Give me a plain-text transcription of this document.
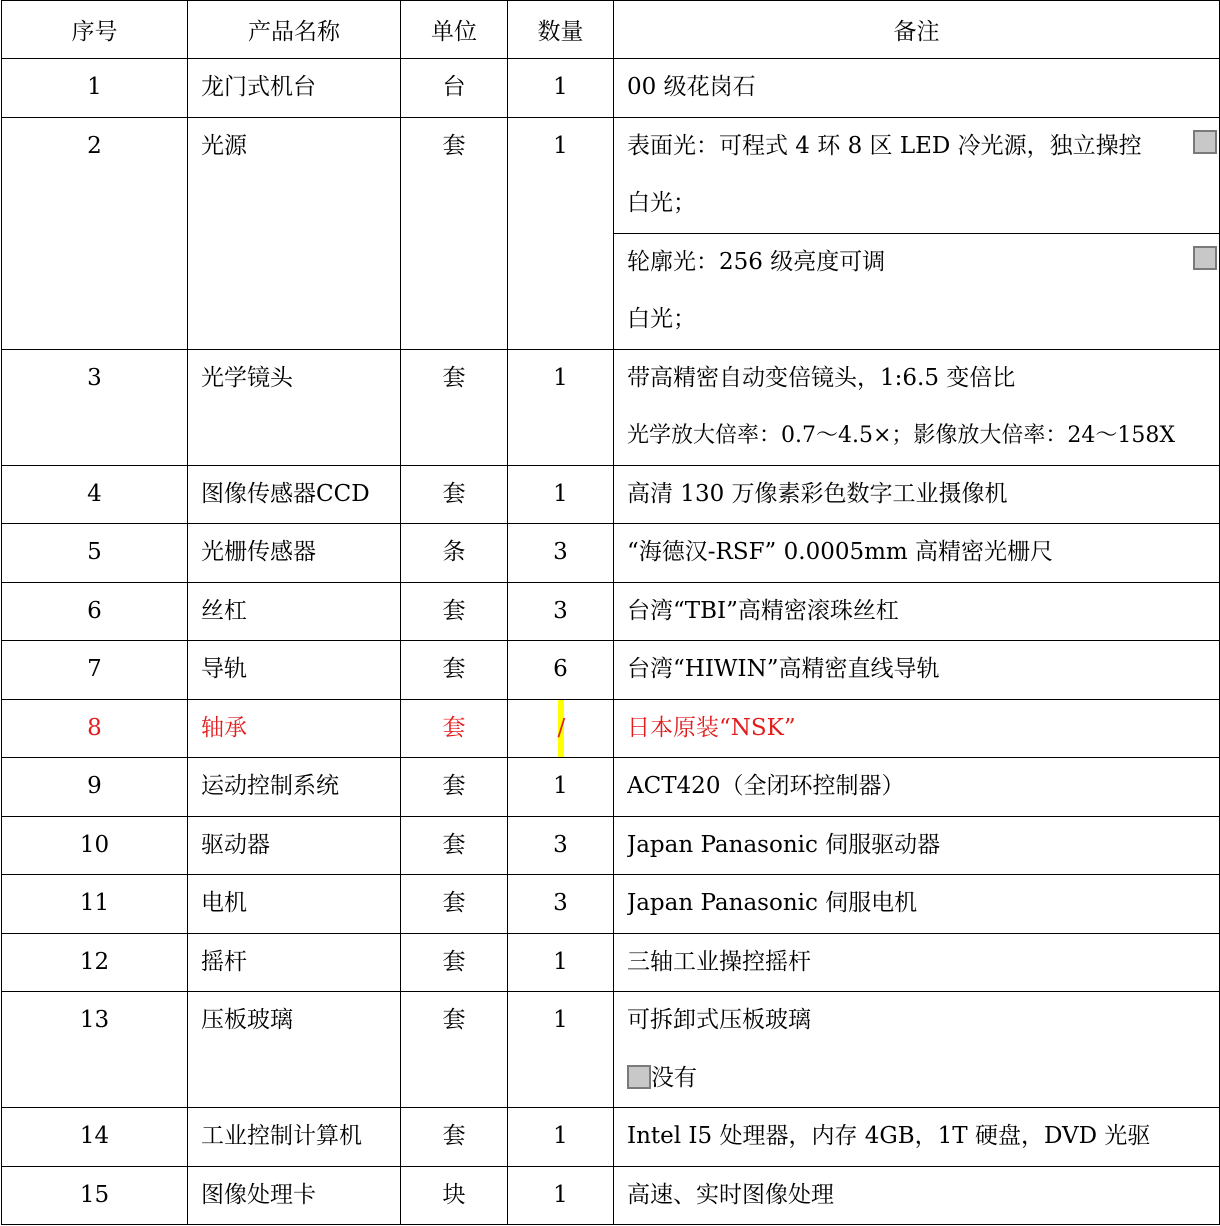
序号	产品名称	单位	数量	备注

1	龙门式机台	台	1	00 级花岗石

2	光源	套	1	表面光：可程式 4 环 8 区 LED 冷光源，独立操控
白光；
轮廓光：256 级亮度可调
白光；

3	光学镜头	套	1	带高精密自动变倍镜头，1:6.5 变倍比
光学放大倍率：0.7～4.5×；影像放大倍率：24～158X

4	图像传感器CCD	套	1	高清 130 万像素彩色数字工业摄像机

5	光栅传感器	条	3	“海德汉-RSF” 0.0005mm 高精密光栅尺

6	丝杠	套	3	台湾“TBI”高精密滚珠丝杠

7	导轨	套	6	台湾“HIWIN”高精密直线导轨

8	轴承	套	/	日本原装“NSK”

9	运动控制系统	套	1	ACT420（全闭环控制器）

10	驱动器	套	3	Japan Panasonic 伺服驱动器

11	电机	套	3	Japan Panasonic 伺服电机

12	摇杆	套	1	三轴工业操控摇杆

13	压板玻璃	套	1	可拆卸式压板玻璃
没有

14	工业控制计算机	套	1	Intel I5 处理器，内存 4GB，1T 硬盘，DVD 光驱

15	图像处理卡	块	1	高速、实时图像处理
